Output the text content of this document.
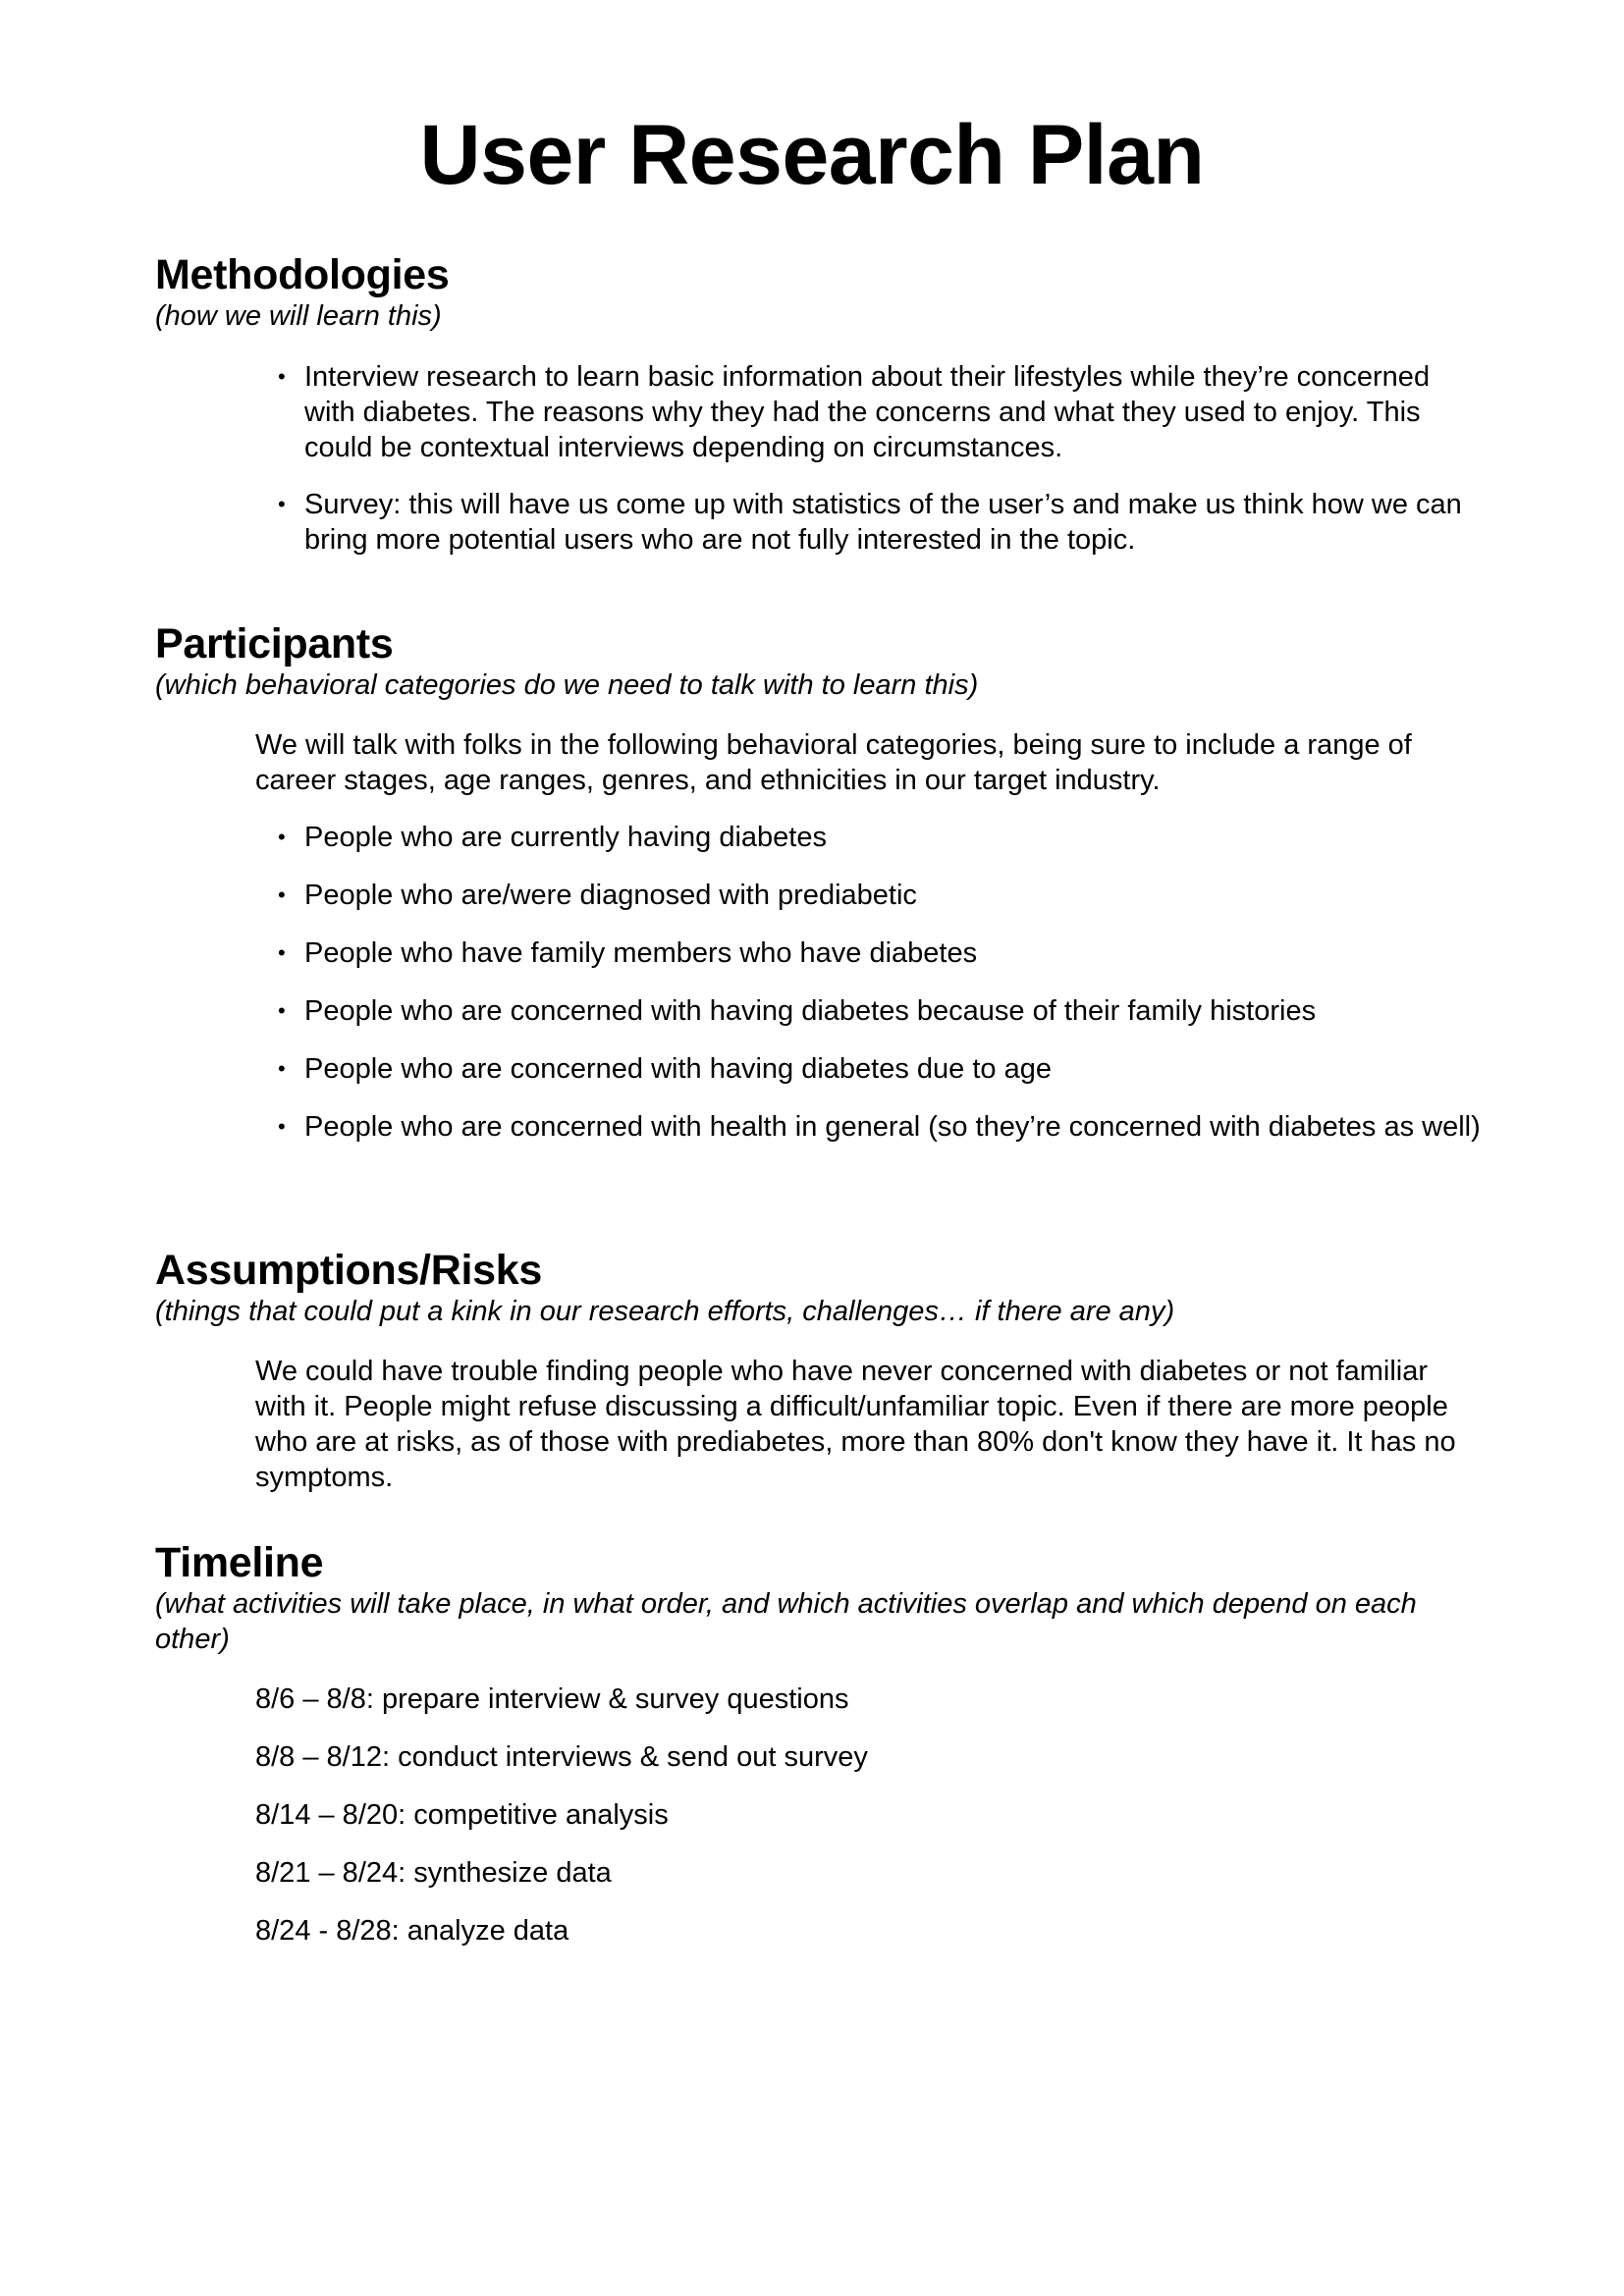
User Research Plan
Methodologies

(how we will learn this)

• Interview research to learn basic information about their lifestyles while they’re concerned with diabetes. The reasons why they had the concerns and what they used to enjoy. This could be contextual interviews depending on circumstances.
• Survey: this will have us come up with statistics of the user’s and make us think how we can bring more potential users who are not fully interested in the topic.
Participants

(which behavioral categories do we need to talk with to learn this)

We will talk with folks in the following behavioral categories, being sure to include a range of career stages, age ranges, genres, and ethnicities in our target industry.

• People who are currently having diabetes
• People who are/were diagnosed with prediabetic
• People who have family members who have diabetes
• People who are concerned with having diabetes because of their family histories
• People who are concerned with having diabetes due to age
• People who are concerned with health in general (so they’re concerned with diabetes as well)
Assumptions/Risks

(things that could put a kink in our research efforts, challenges… if there are any)

We could have trouble finding people who have never concerned with diabetes or not familiar with it. People might refuse discussing a difficult/unfamiliar topic. Even if there are more people who are at risks, as of those with prediabetes, more than 80% don't know they have it. It has no symptoms.

Timeline

(what activities will take place, in what order, and which activities overlap and which depend on each other)

8/6 – 8/8: prepare interview & survey questions

8/8 – 8/12: conduct interviews & send out survey

8/14 – 8/20: competitive analysis

8/21 – 8/24: synthesize data

8/24 - 8/28: analyze data
